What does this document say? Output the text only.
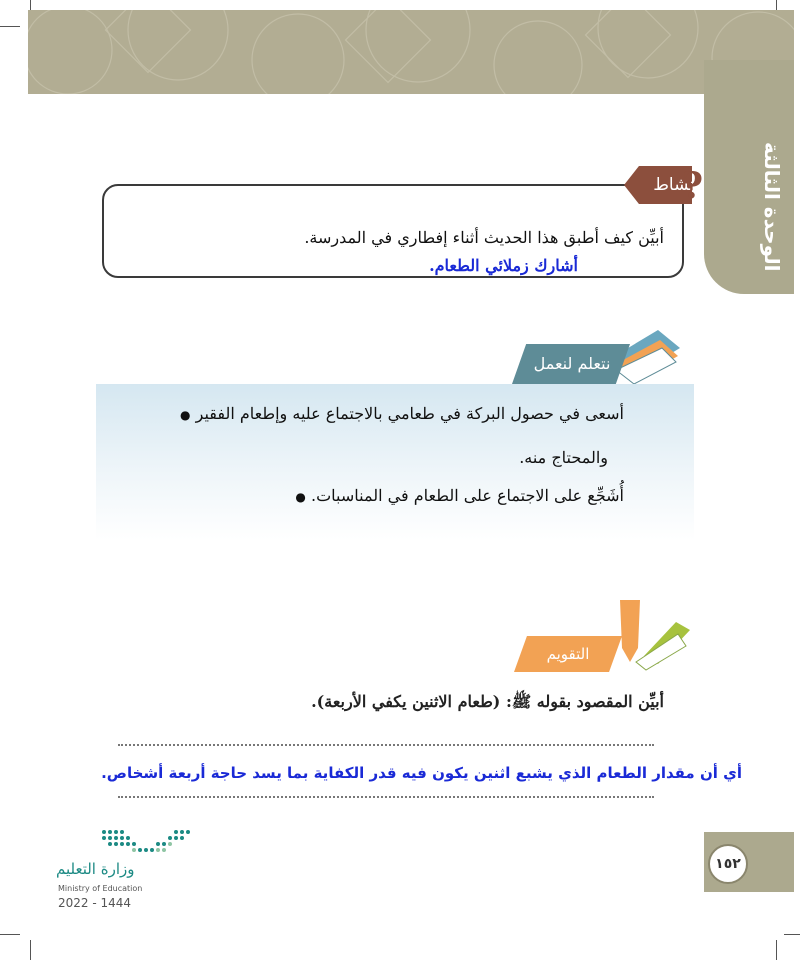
الوحدة الثالثة
نشاط
?
أبيِّن كيف أطبق هذا الحديث أثناء إفطاري في المدرسة.
أشارك زملائي الطعام.
نتعلم لنعمل
أسعى في حصول البركة في طعامي بالاجتماع عليه وإطعام الفقير ●
والمحتاج منه.
أُشَجِّع على الاجتماع على الطعام في المناسبات. ●
التقويم
أبيِّن المقصود بقوله ﷺ: (طعام الاثنين يكفي الأربعة).
أي أن مقدار الطعام الذي يشبع اثنين يكون فيه قدر الكفاية بما يسد حاجة أربعة أشخاص.
١٥٢
وزارة التعليم
Ministry of Education
2022 - 1444
